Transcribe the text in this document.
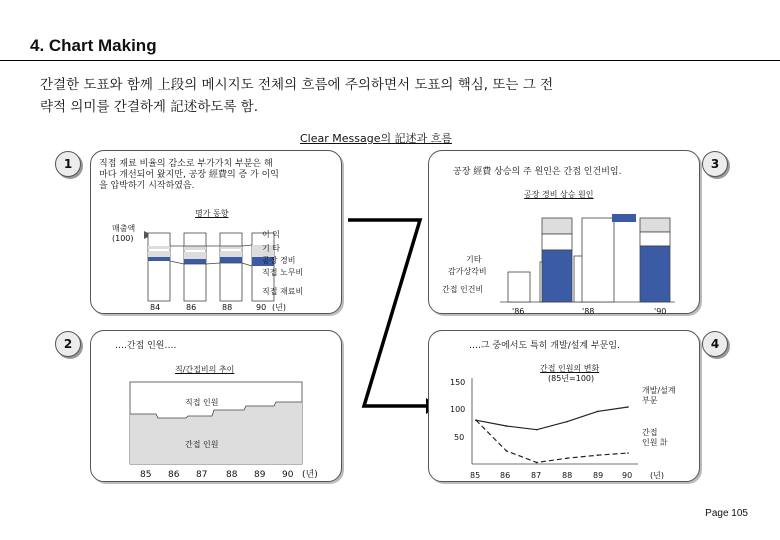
4. Chart Making
간결한 도표와 함께 上段의 메시지도 전체의 흐름에 주의하면서 도표의 핵심, 또는 그 전
략적 의미를 간결하게 記述하도록 함.
Clear Message의 記述과 흐름
직접 재료 비율의 감소로 부가가치 부분은 해
마다 개선되어 왔지만, 공장 經費의 증 가 이익
을 압박하기 시작하였음.
1
명가 동향
매출액
(100)	이 익
기 타
공장 경비
직접 노무비
직접 재료비
84	86	88	90 (년)
공장 經費 상승의 주 원인은 간접 인건비임.
3
공장 경비 상승 원인
기타
감가상각비
간접 인건비
'86	'88	'90
….간접 인원….
2
직/간접비의 추이
직접 인원
간접 인원
85 86 87 88 89 90 (년)
….그 중에서도 특히 개발/설계 부문임.	4
간접 인원의 변화
(85년=100)
150
100
50
개발/설계
부문
간접
인원 計
85 86	87	88	89 90 (년)
Page 105
